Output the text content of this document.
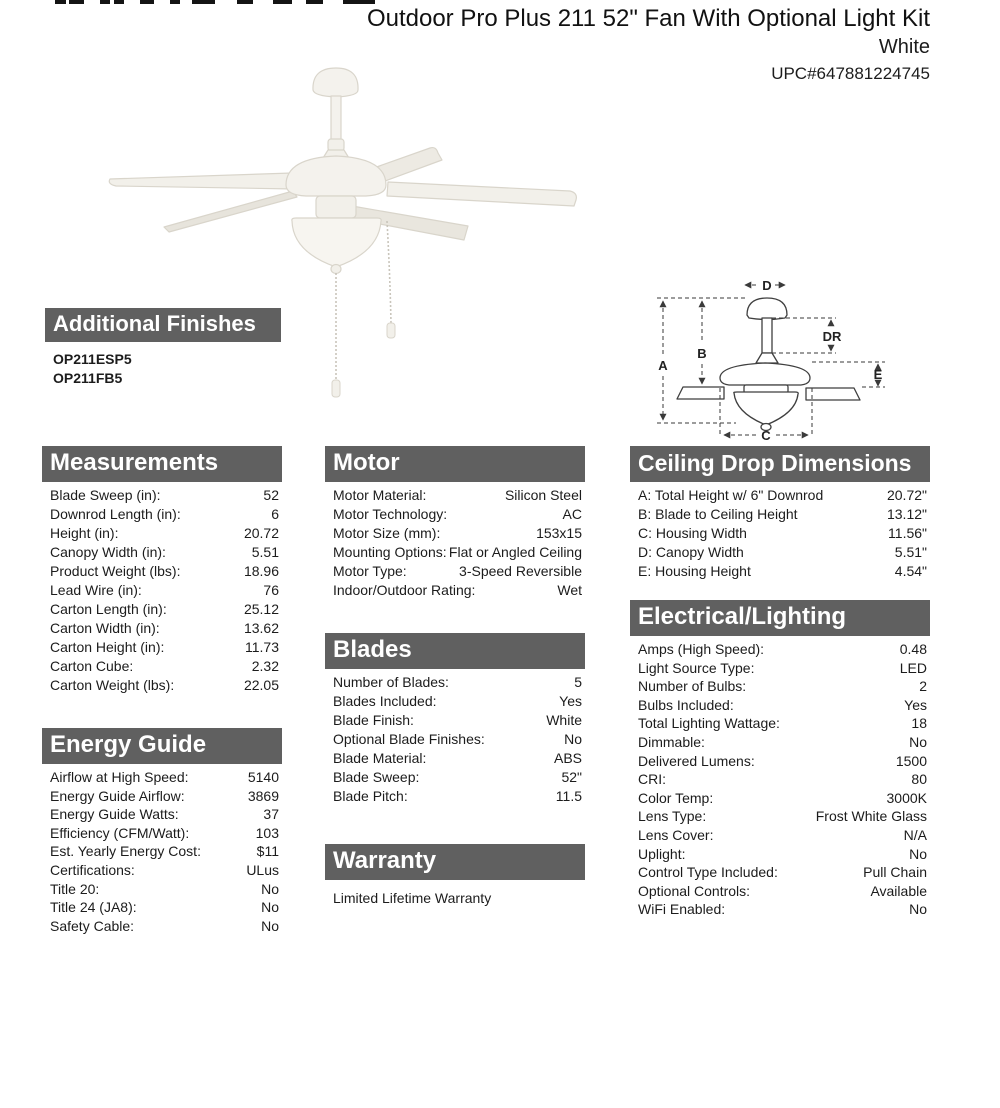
Outdoor Pro Plus 211 52" Fan With Optional Light Kit
White
UPC#647881224745
D
A
B
DR
E
C
Additional Finishes
OP211ESP5
OP211FB5
Measurements
Blade Sweep (in):	52
Downrod Length (in):	6
Height (in):	20.72
Canopy Width (in):	5.51
Product Weight (lbs):	18.96
Lead Wire (in):	76
Carton Length (in):	25.12
Carton Width (in):	13.62
Carton Height (in):	11.73
Carton Cube:	2.32
Carton Weight (lbs):	22.05
Energy Guide
Airflow at High Speed:	5140
Energy Guide Airflow:	3869
Energy Guide Watts:	37
Efficiency (CFM/Watt):	103
Est. Yearly Energy Cost:	$11
Certifications:	ULus
Title 20:	No
Title 24 (JA8):	No
Safety Cable:	No
Motor
Motor Material:	Silicon Steel
Motor Technology:	AC
Motor Size (mm):	153x15
Mounting Options: Flat or Angled Ceiling
Motor Type:	3-Speed Reversible
Indoor/Outdoor Rating:	Wet
Blades
Number of Blades:	5
Blades Included:	Yes
Blade Finish:	White
Optional Blade Finishes:	No
Blade Material:	ABS
Blade Sweep:	52"
Blade Pitch:	11.5
Warranty
Limited Lifetime Warranty
Ceiling Drop Dimensions
A: Total Height w/ 6" Downrod	20.72"
B: Blade to Ceiling Height	13.12"
C: Housing Width	11.56"
D: Canopy Width	5.51"
E: Housing Height	4.54"
Electrical/Lighting
Amps (High Speed):	0.48
Light Source Type:	LED
Number of Bulbs:	2
Bulbs Included:	Yes
Total Lighting Wattage:	18
Dimmable:	No
Delivered Lumens:	1500
CRI:	80
Color Temp:	3000K
Lens Type:	Frost White Glass
Lens Cover:	N/A
Uplight:	No
Control Type Included:	Pull Chain
Optional Controls:	Available
WiFi Enabled:	No
